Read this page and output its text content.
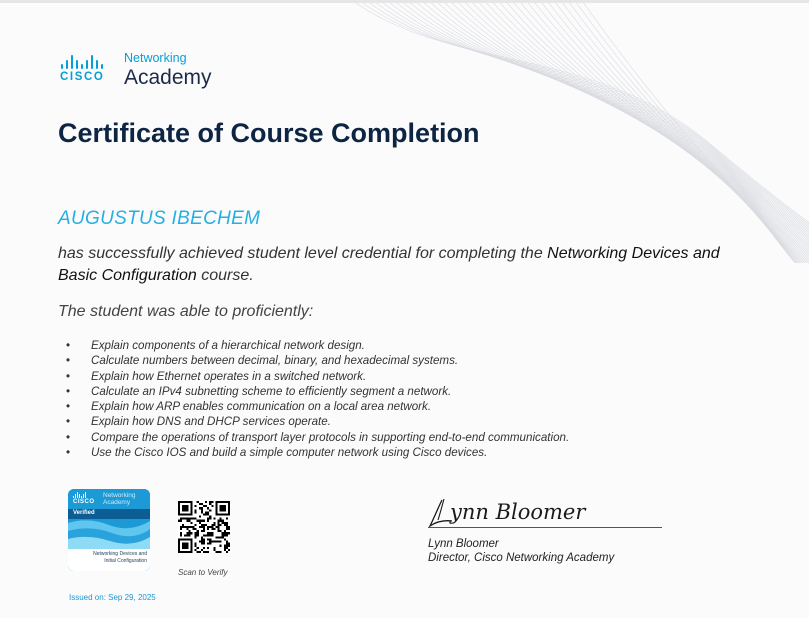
CISCO
Networking
Academy
Certificate of Course Completion
AUGUSTUS IBECHEM
has successfully achieved student level credential for completing the Networking Devices and Basic Configuration course.
The student was able to proficiently:
• Explain components of a hierarchical network design.
• Calculate numbers between decimal, binary, and hexadecimal systems.
• Explain how Ethernet operates in a switched network.
• Calculate an IPv4 subnetting scheme to efficiently segment a network.
• Explain how ARP enables communication on a local area network.
• Explain how DNS and DHCP services operate.
• Compare the operations of transport layer protocols in supporting end-to-end communication.
• Use the Cisco IOS and build a simple computer network using Cisco devices.
CISCO
Networking
Academy
Verified
Networking Devices and
Initial Configuration
Scan to Verify
Issued on: Sep 29, 2025
ynn Bloomer
Lynn Bloomer
Director, Cisco Networking Academy
